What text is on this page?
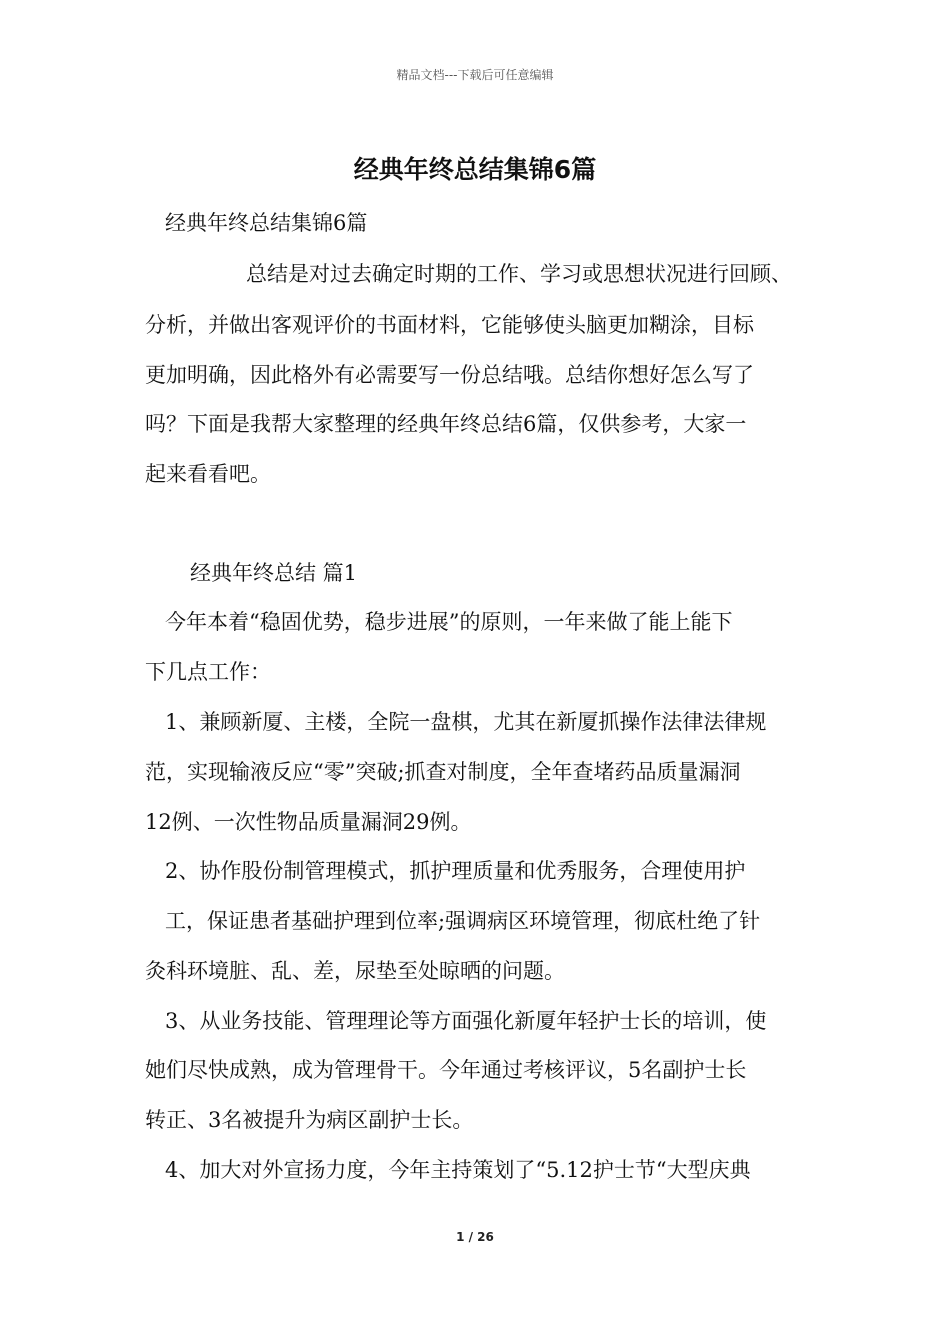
精品文档---下载后可任意编辑
经典年终总结集锦6篇

经典年终总结集锦6篇

总结是对过去确定时期的工作、学习或思想状况进行回顾、

分析，并做出客观评价的书面材料，它能够使头脑更加糊涂，目标

更加明确，因此格外有必需要写一份总结哦。总结你想好怎么写了

吗？下面是我帮大家整理的经典年终总结6篇，仅供参考，大家一

起来看看吧。

经典年终总结 篇1

今年本着“稳固优势，稳步进展”的原则，一年来做了能上能下

下几点工作：

1、兼顾新厦、主楼，全院一盘棋，尤其在新厦抓操作法律法律规

范，实现输液反应“零”突破;抓查对制度，全年查堵药品质量漏洞

12例、一次性物品质量漏洞29例。

2、协作股份制管理模式，抓护理质量和优秀服务，合理使用护

工，保证患者基础护理到位率;强调病区环境管理，彻底杜绝了针

灸科环境脏、乱、差，尿垫至处晾晒的问题。

3、从业务技能、管理理论等方面强化新厦年轻护士长的培训，使

她们尽快成熟，成为管理骨干。今年通过考核评议，5名副护士长

转正、3名被提升为病区副护士长。

4、加大对外宣扬力度，今年主持策划了“5.12护士节“大型庆典

1 / 26
